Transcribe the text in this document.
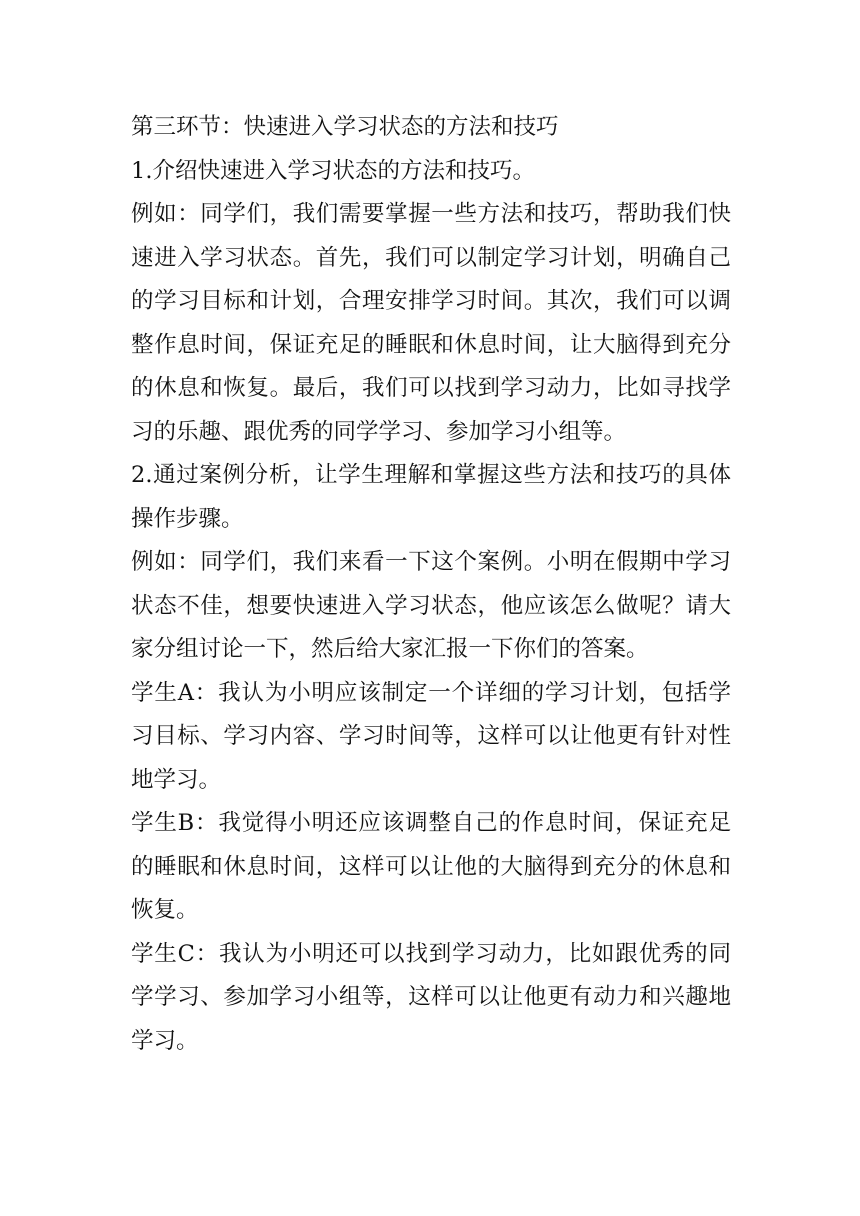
第三环节：快速进入学习状态的方法和技巧

1.介绍快速进入学习状态的方法和技巧。

例如：同学们，我们需要掌握一些方法和技巧，帮助我们快速进入学习状态。首先，我们可以制定学习计划，明确自己的学习目标和计划，合理安排学习时间。其次，我们可以调整作息时间，保证充足的睡眠和休息时间，让大脑得到充分的休息和恢复。最后，我们可以找到学习动力，比如寻找学习的乐趣、跟优秀的同学学习、参加学习小组等。

2.通过案例分析，让学生理解和掌握这些方法和技巧的具体操作步骤。

例如：同学们，我们来看一下这个案例。小明在假期中学习状态不佳，想要快速进入学习状态，他应该怎么做呢？请大家分组讨论一下，然后给大家汇报一下你们的答案。

学生A：我认为小明应该制定一个详细的学习计划，包括学习目标、学习内容、学习时间等，这样可以让他更有针对性地学习。

学生B：我觉得小明还应该调整自己的作息时间，保证充足的睡眠和休息时间，这样可以让他的大脑得到充分的休息和恢复。

学生C：我认为小明还可以找到学习动力，比如跟优秀的同学学习、参加学习小组等，这样可以让他更有动力和兴趣地学习。
